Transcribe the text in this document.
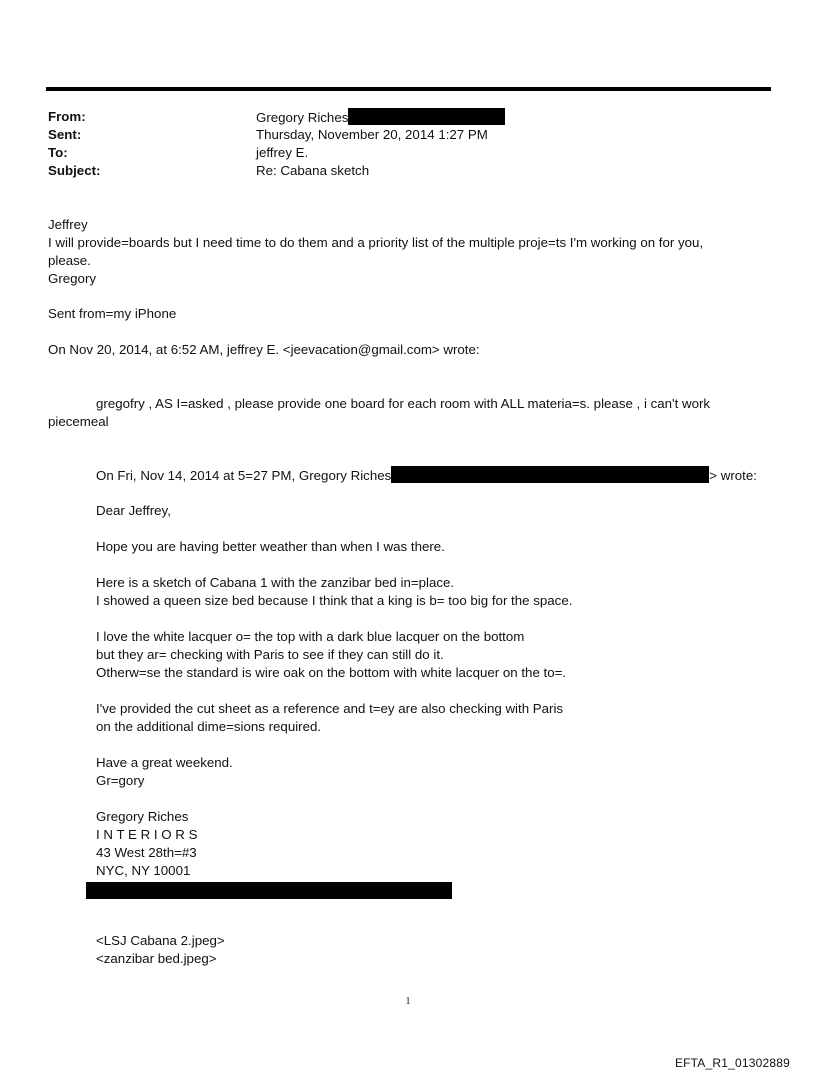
From:	Gregory Riches
Sent:	Thursday, November 20, 2014 1:27 PM
To:	jeffrey E.
Subject:	Re: Cabana sketch
Jeffrey
I will provide=boards but I need time to do them and a priority list of the multiple proje=ts I'm working on for you,
please.
Gregory
Sent from=my iPhone
On Nov 20, 2014, at 6:52 AM, jeffrey E. <jeevacation@gmail.com> wrote:
gregofry , AS I=asked , please provide one board for each room with ALL materia=s. please , i can't work
piecemeal
On Fri, Nov 14, 2014 at 5=27 PM, Gregory Riches	> wrote:
Dear Jeffrey,
Hope you are having better weather than when I was there.
Here is a sketch of Cabana 1 with the zanzibar bed in=place.
I showed a queen size bed because I think that a king is b= too big for the space.
I love the white lacquer o= the top with a dark blue lacquer on the bottom
but they ar= checking with Paris to see if they can still do it.
Otherw=se the standard is wire oak on the bottom with white lacquer on the to=.
I've provided the cut sheet as a reference and t=ey are also checking with Paris
on the additional dime=sions required.
Have a great weekend.
Gr=gory
Gregory Riches
I N T E R I O R S
43 West 28th=#3
NYC, NY 10001
<LSJ Cabana 2.jpeg>
<zanzibar bed.jpeg>
1
EFTA_R1_01302889
